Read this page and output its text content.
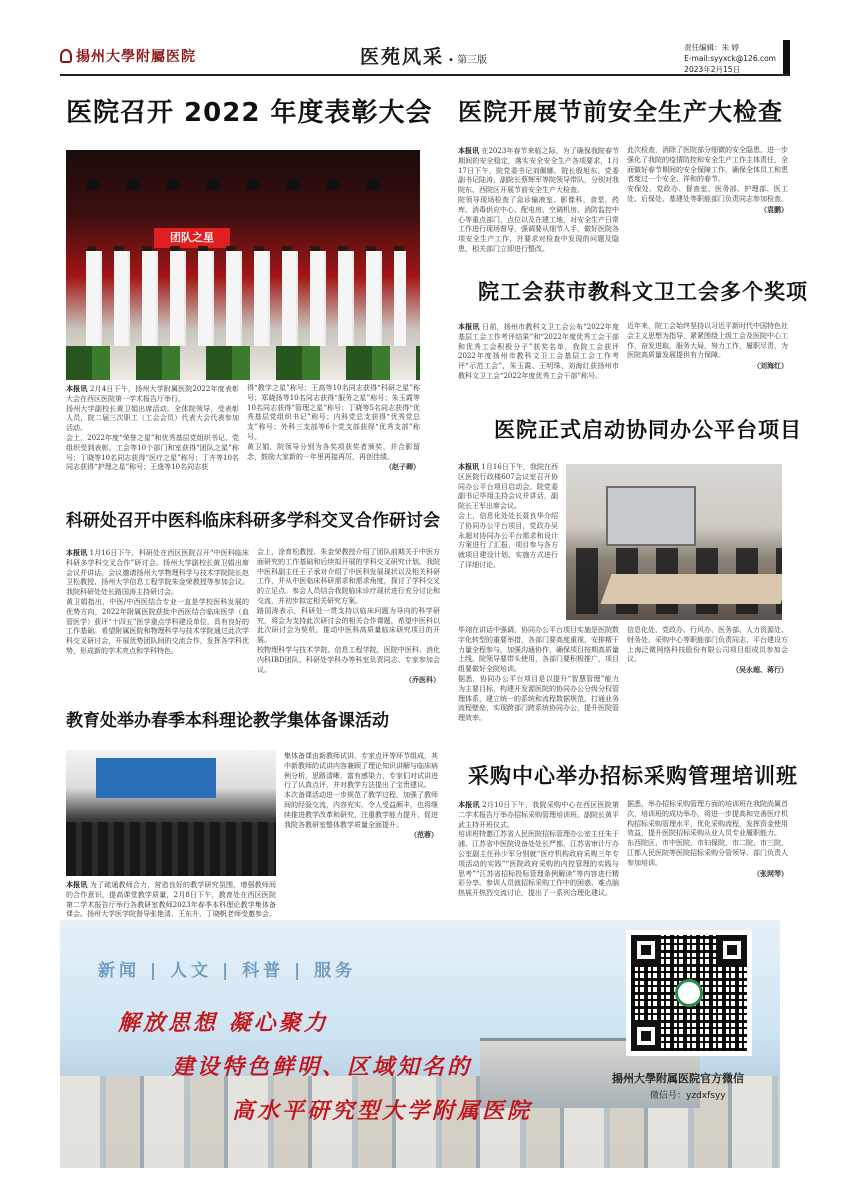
揚州大學附屬医院	医苑风采 • 第三版
责任编辑：朱 婷
E-mail:syyxck@126.com
2023年2月15日
医院召开 2022 年度表彰大会
团队之星

本报讯 2月4日下午，扬州大学附属医院2022年度表彰大会在西区医院第一学术报告厅举行。

扬州大学副校长黄卫娟出席活动。全体院领导，受表彰人员，院二届三次职工（工会会员）代表大会代表参加活动。

会上，2022年度“荣誉之星”和优秀基层党组织书记、党组织受到表彰。工会等10个部门和室获得“团队之星”称号；丁晓等10名同志获得“医疗之星”称号；丁卉等10名同志获得“护理之星”称号；王逸等10名同志获

得“教学之星”称号；王高等10名同志获得“科研之星”称号；郑晓扬等10名同志获得“服务之星”称号；朱玉霞等10名同志获得“管理之星”称号；丁晓等5名同志获得“优秀基层党组织书记”称号；内科党总支获得“优秀党总支”称号；外科三支部等6个党支部获得“优秀支部”称号。

黄卫娟，院领导分别为各奖项获奖者颁奖，并合影留念，鼓励大家新的一年里再接再厉，再创佳绩。

（赵子卿）

医院开展节前安全生产大检查

本报讯 在2023年春节来临之际，为了确保我院春节期间的安全稳定，落实安全安全生产各项要求，1月17日下午，院党委书记刘佩娜、院长殷旭东、党委副书记陆涛，副院长蔡辉军等院领导带队，分别对我院东、西院区开展节前安全生产大检查。

院领导现场检查了急诊输液室、影像科、食堂、药库、消毒供应中心、配电房、空调机房、消防监控中心等重点部门，点位以及在建工地，对安全生产日常工作进行现场督导，强调要从细节入手，做好医院各项安全生产工作，并要求对检查中发现的问题及隐患，相关部门立即进行整改。

此次检查，消除了医院部分细微的安全隐患，进一步强化了我院的疫情防控和安全生产工作主体责任，全面做好春节期间的安全保障工作，确保全体员工和患者度过一个安全、祥和的春节。

安保处、党政办、督查室、医务部、护理部、医工处、后保处、基建处等职能部门负责同志参加检查。

（袁鹏）

院工会获市教科文卫工会多个奖项

本报讯 日前，扬州市教科文卫工会公布“2022年度基层工会工作考评结果”和“2022年度优秀工会干部和优秀工会积极分子”获奖名单，我院工会获评2022年度扬州市教科文卫工会基层工会工作考评“示范工会”，朱玉霞、王明珠、刘海红获扬州市教科文卫工会“2022年度优秀工会干部”称号。

近年来，院工会始终坚持以习近平新时代中国特色社会主义思想为指导，紧紧围绕上级工会及医院中心工作，奋发进取，服务大局，努力工作，履职尽责，为医院高质量发展提供有力保障。

（刘海红）

医院正式启动协同办公平台项目

本报讯 1月16日下午，我院在西区医院行政楼607会议室召开协同办公平台项目启动会。院党委副书记毕翊主持会议并讲话，副院长王军出席会议。

会上，信息化处处长聂良华介绍了协同办公平台项目，党政办吴永超对协同办公平台需求和设计方案进行了汇报，项目参与各方就项目建设计划、实施方式进行了详细讨论。

毕翊在讲话中强调，协同办公平台项目实施是医院数字化转型的重要举措，各部门要高度重视，安排精干力量全程参与，加强沟通协作，确保项目按期高质量上线。院领导要带头使用，各部门要积极推广，项目组要做好全院培训。

据悉，协同办公平台项目是以提升“智慧管理”能力为主要目标，构建开发源医院的协同办公分级分权管理体系，建立统一的系统和流程数据规范，打通业务流程壁垒，实现跨部门跨系统协同办公，提升医院管理效率。

信息化处、党政办、行风办、医务部、人力资源处、财务处、采购中心等职能部门负责同志、平台建设方上海泛微网络科技股份有限公司项目组成员参加会议。

（吴永超、蒋行）

科研处召开中医科临床科研多学科交叉合作研讨会

本报讯 1月16日下午，科研处在西区医院召开“中医科临床科研多学科交叉合作”研讨会。扬州大学副校长黄卫娟出席会议并讲话。会议邀请扬州大学物理科学与技术学院院长赵卫松教授、扬州大学信息工程学院朱金荣教授等参加会议。我院科研处处长路国涛主持研讨会。

黄卫娟指出，中医/中西医结合专业一直是学校医科发展的优势方向，2022年附属医院获批中西医结合临床医学（血管医学）获评“十四五”医学重点学科建设单位，具有良好的工作基础。希望附属医院和物理科学与技术学院通过此次学科交叉研讨会，开展优势团队间的交流合作，发挥各学科优势，形成新的学术亮点和学科特色。

会上，涂育松教授、朱金荣教授介绍了团队前期关于中医方面研究的工作基础和后续拟开展的学科交叉研究计划。我院中医科副主任王子承对介绍了中医科发展现状以及相关科研工作，并从中医临床科研需求和需求角度，探讨了学科交叉的立足点。参会人员结合我院临床诊疗现状进行充分讨论和交流，并初步拟定相关研究方案。

路国涛表示，科研处一贯支持以临床问题为导向的科学研究，将会为支持此次研讨会的相关合作课题，希望中医科以此次研讨会为契机，推动中医科高质量临床研究项目的开展。

校物理科学与技术学院、信息工程学院，医院中医科、消化内科IBD团队、科研处学科办等科室负责同志、专家参加会议。

（乔医科）

教育处举办春季本科理论教学集体备课活动

本报讯 为了疏通教师合力，营造良好的教学研究氛围，增强教师间的合作意识，提高课堂教学质量，2月8日下午，教育处在西区医院第二学术报告厅举行各教研室教师2023年春季本科理论教学集体备课会。扬州大学医学院督导张艳清、王东升、丁晓帆老师受邀参会。

集体备课由新教师试讲、专家点评等环节组成，其中新教师的试讲内容兼顾了理论知识讲解与临床病例分析，思路清晰，富有感染力，专家们对试讲进行了认真点评，并对教学方法提出了宝贵建议。

本次备课活动进一步规范了教学过程，加强了教师间的经验交流，内容充实，令人受益颇丰，也将继续推进教学改革和研究，注重教学能力提升，促进我院各教研室整体教学质量全面提升。

（范蓉）

采购中心举办招标采购管理培训班

本报讯 2月10日下午，我院采购中心在西区医院第二学术报告厅举办招标采购管理培训班。副院长黄平武主持开班仪式。

培训班特邀江苏省人民医院招标管理办公室主任朱于浦、江苏省中医院设备处处长严都，江苏省审计厅办公室副主任孙少军分别就“医疗机构政府采购三年专项活动的实践”“医院政府采购的内控管理的实践与思考”“江苏省招标投标管理条例解读”等内容进行精彩分享。参训人员就招标采购工作中的困惑、难点脑热展开热烈交流讨论，提出了一系列合理化建议。

据悉，举办招标采购管理方面的培训班在我院尚属首次，培训班的成功举办，将进一步提高和完善医疗机构招标采购管理水平，优化采购流程，发挥资金使用效益，提升医院招标采购从业人员专业履职能力。

东西院区、市中医院、市妇保院、市二院、市三院、江都人民医院等医院招标采购分管领导、部门负责人参加培训。

（张网琴）

新闻 | 人文 | 科普 | 服务
解放思想 凝心聚力
建设特色鲜明、区域知名的
高水平研究型大学附属医院
揚州大學附属医院官方微信
微信号：yzdxfsyy
